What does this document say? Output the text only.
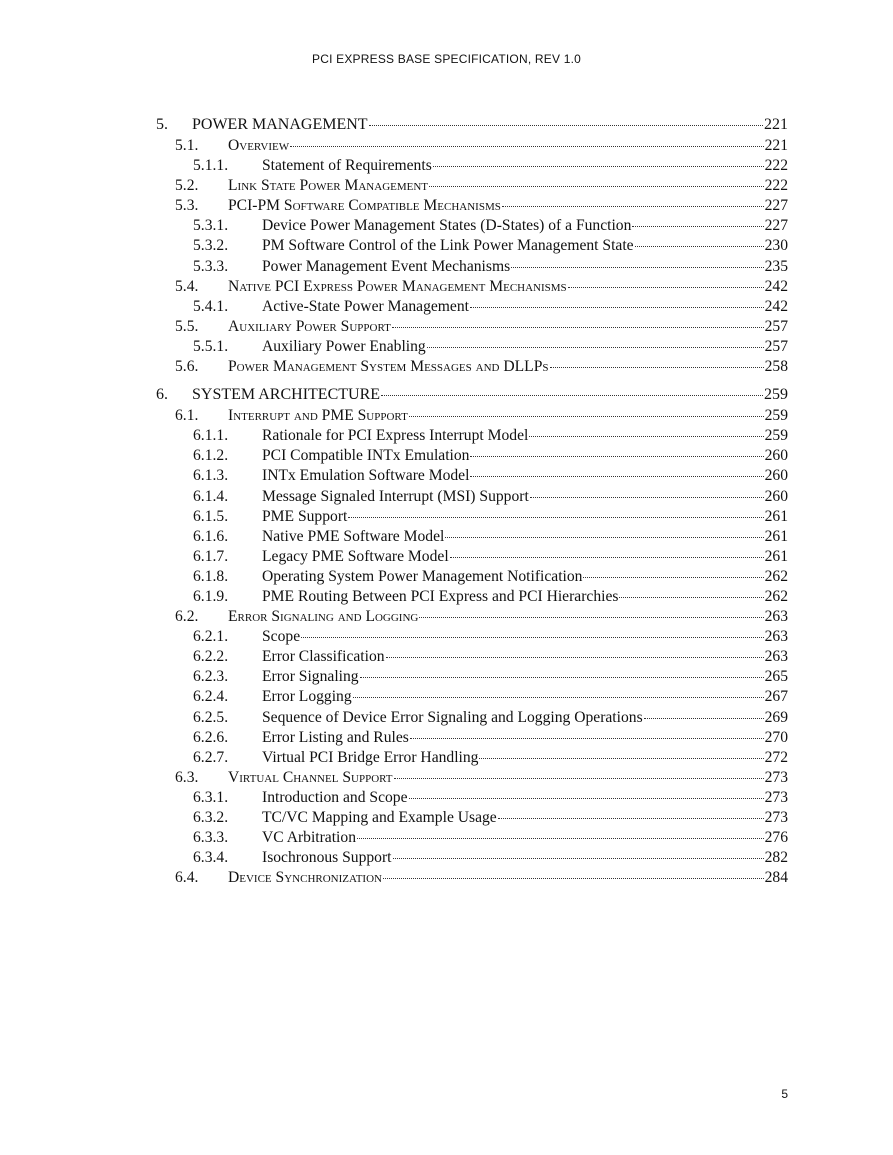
PCI EXPRESS BASE SPECIFICATION, REV 1.0
5.	POWER MANAGEMENT	221
5.1.	Overview	221
5.1.1.	Statement of Requirements	222
5.2.	Link State Power Management	222
5.3.	PCI-PM Software Compatible Mechanisms	227
5.3.1.	Device Power Management States (D-States) of a Function	227
5.3.2.	PM Software Control of the Link Power Management State	230
5.3.3.	Power Management Event Mechanisms	235
5.4.	Native PCI Express Power Management Mechanisms	242
5.4.1.	Active-State Power Management	242
5.5.	Auxiliary Power Support	257
5.5.1.	Auxiliary Power Enabling	257
5.6.	Power Management System Messages and DLLPs	258
6.	SYSTEM ARCHITECTURE	259
6.1.	Interrupt and PME Support	259
6.1.1.	Rationale for PCI Express Interrupt Model	259
6.1.2.	PCI Compatible INTx Emulation	260
6.1.3.	INTx Emulation Software Model	260
6.1.4.	Message Signaled Interrupt (MSI) Support	260
6.1.5.	PME Support	261
6.1.6.	Native PME Software Model	261
6.1.7.	Legacy PME Software Model	261
6.1.8.	Operating System Power Management Notification	262
6.1.9.	PME Routing Between PCI Express and PCI Hierarchies	262
6.2.	Error Signaling and Logging	263
6.2.1.	Scope	263
6.2.2.	Error Classification	263
6.2.3.	Error Signaling	265
6.2.4.	Error Logging	267
6.2.5.	Sequence of Device Error Signaling and Logging Operations	269
6.2.6.	Error Listing and Rules	270
6.2.7.	Virtual PCI Bridge Error Handling	272
6.3.	Virtual Channel Support	273
6.3.1.	Introduction and Scope	273
6.3.2.	TC/VC Mapping and Example Usage	273
6.3.3.	VC Arbitration	276
6.3.4.	Isochronous Support	282
6.4.	Device Synchronization	284
5
